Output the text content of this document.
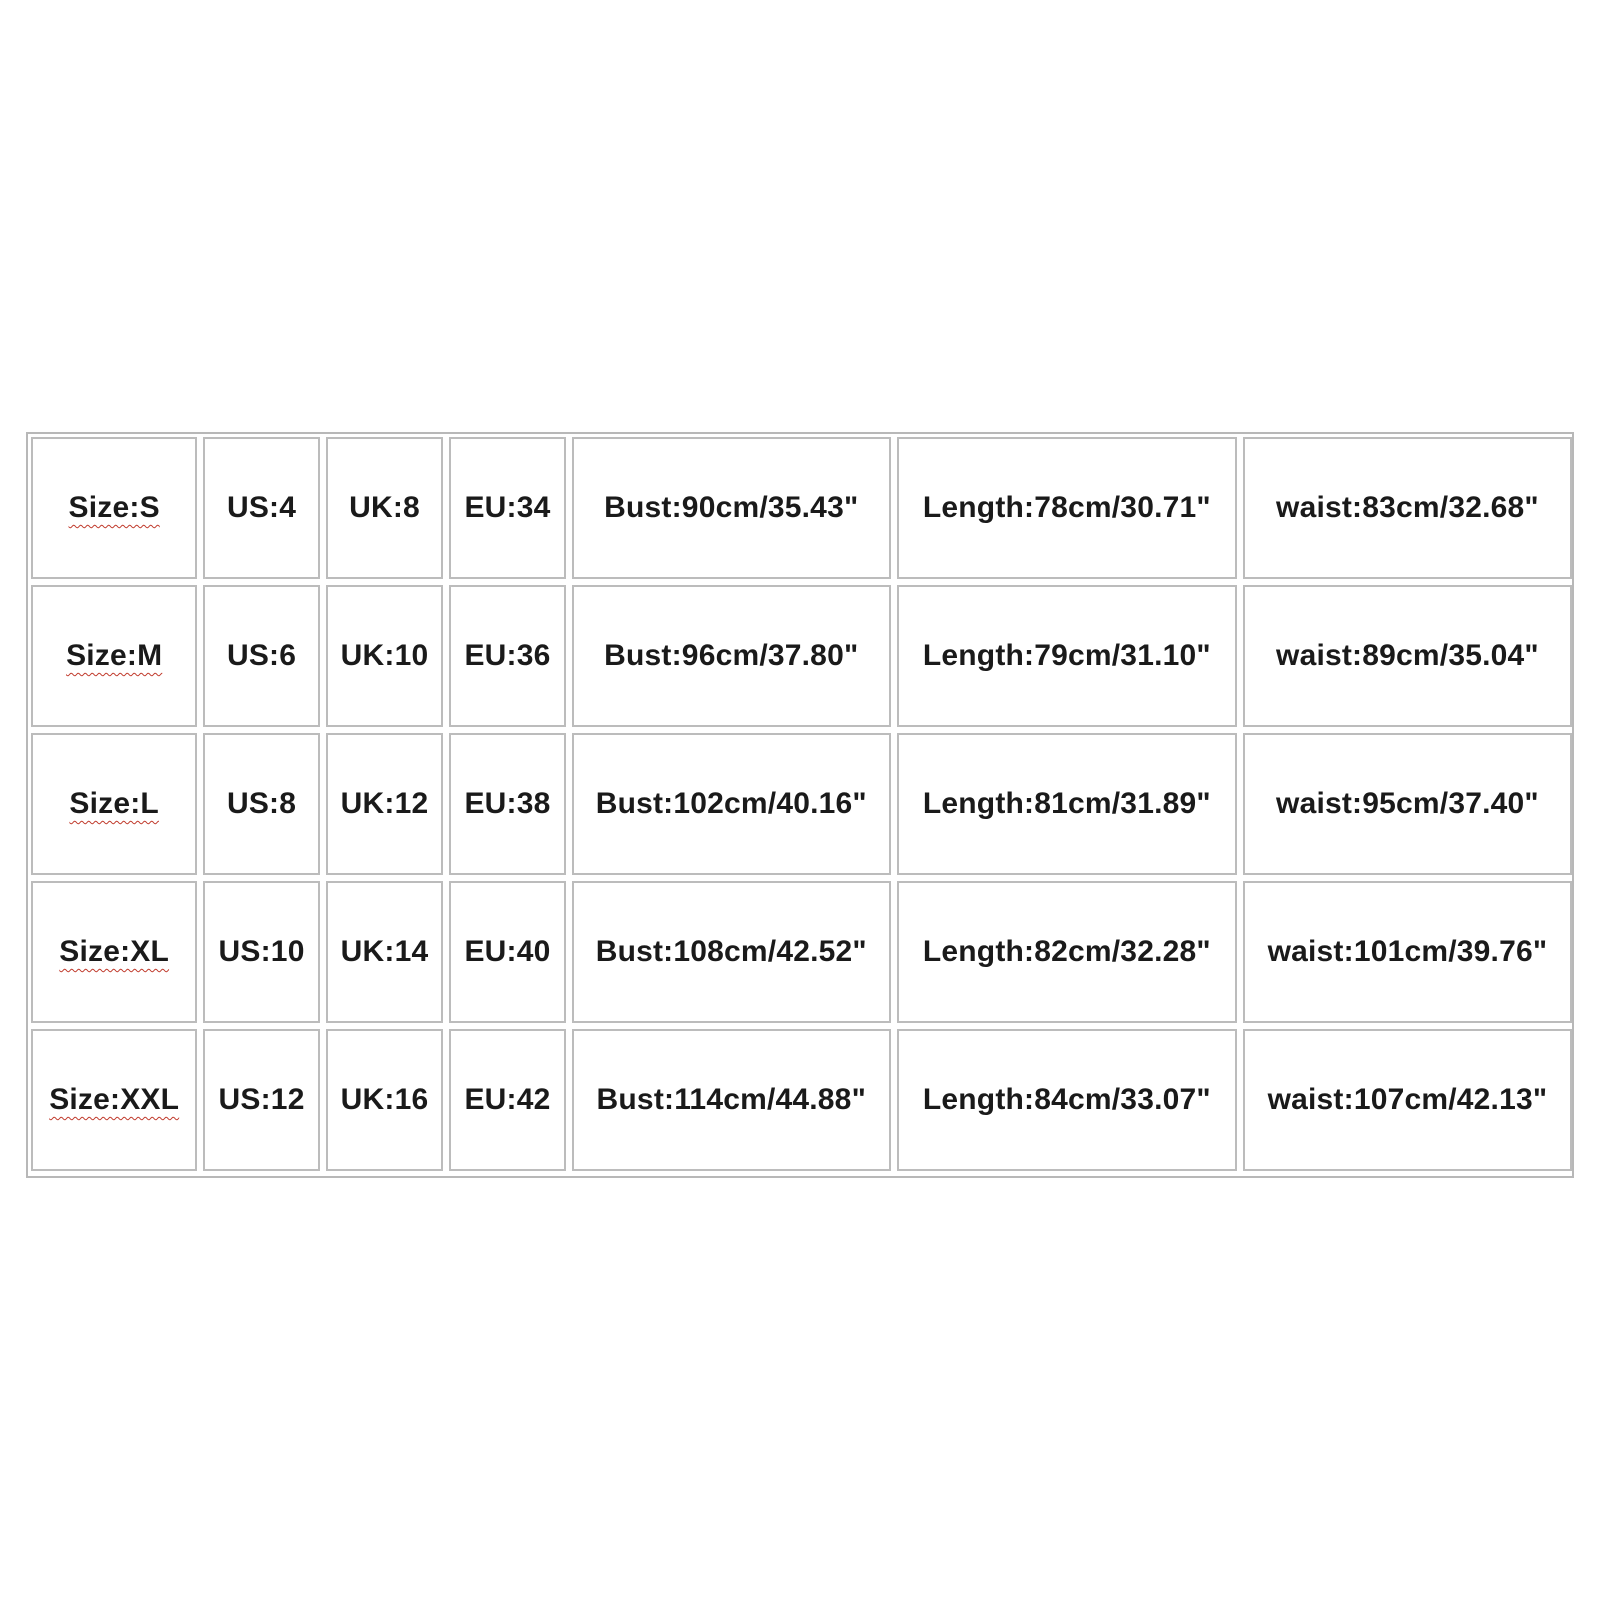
Size:S	US:4	UK:8	EU:34	Bust:90cm/35.43"	Length:78cm/30.71"	waist:83cm/32.68"
Size:M	US:6	UK:10	EU:36	Bust:96cm/37.80"	Length:79cm/31.10"	waist:89cm/35.04"
Size:L	US:8	UK:12	EU:38	Bust:102cm/40.16"	Length:81cm/31.89"	waist:95cm/37.40"
Size:XL	US:10	UK:14	EU:40	Bust:108cm/42.52"	Length:82cm/32.28"	waist:101cm/39.76"
Size:XXL	US:12	UK:16	EU:42	Bust:114cm/44.88"	Length:84cm/33.07"	waist:107cm/42.13"
